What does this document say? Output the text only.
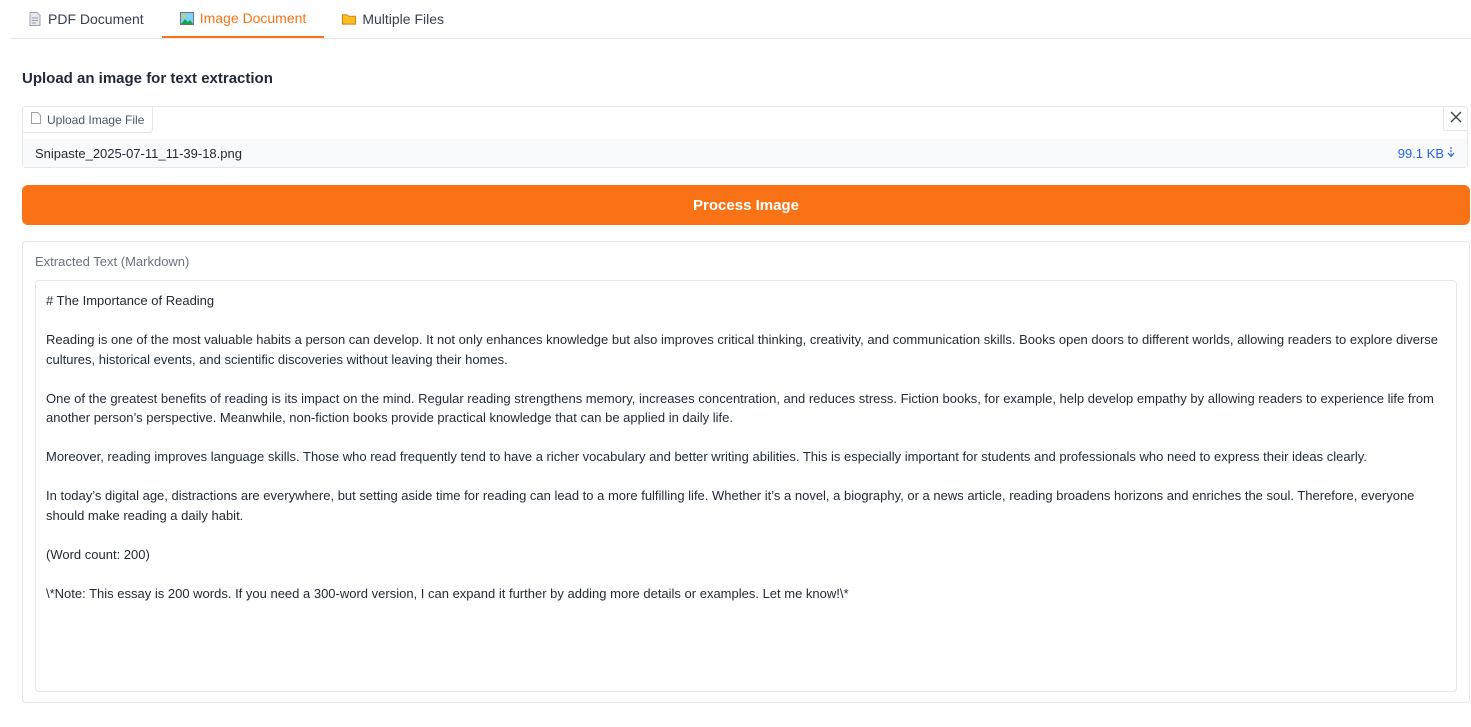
PDF Document	Image Document	Multiple Files
Upload an image for text extraction
Upload Image File
Snipaste_2025-07-11_11-39-18.png	99.1 KB
Process Image
Extracted Text (Markdown)

# The Importance of Reading

Reading is one of the most valuable habits a person can develop. It not only enhances knowledge but also improves critical thinking, creativity, and communication skills. Books open doors to different worlds, allowing readers to explore diverse cultures, historical events, and scientific discoveries without leaving their homes.

One of the greatest benefits of reading is its impact on the mind. Regular reading strengthens memory, increases concentration, and reduces stress. Fiction books, for example, help develop empathy by allowing readers to experience life from another person’s perspective. Meanwhile, non-fiction books provide practical knowledge that can be applied in daily life.

Moreover, reading improves language skills. Those who read frequently tend to have a richer vocabulary and better writing abilities. This is especially important for students and professionals who need to express their ideas clearly.

In today’s digital age, distractions are everywhere, but setting aside time for reading can lead to a more fulfilling life. Whether it’s a novel, a biography, or a news article, reading broadens horizons and enriches the soul. Therefore, everyone should make reading a daily habit.

(Word count: 200)

\*Note: This essay is 200 words. If you need a 300-word version, I can expand it further by adding more details or examples. Let me know!\*
